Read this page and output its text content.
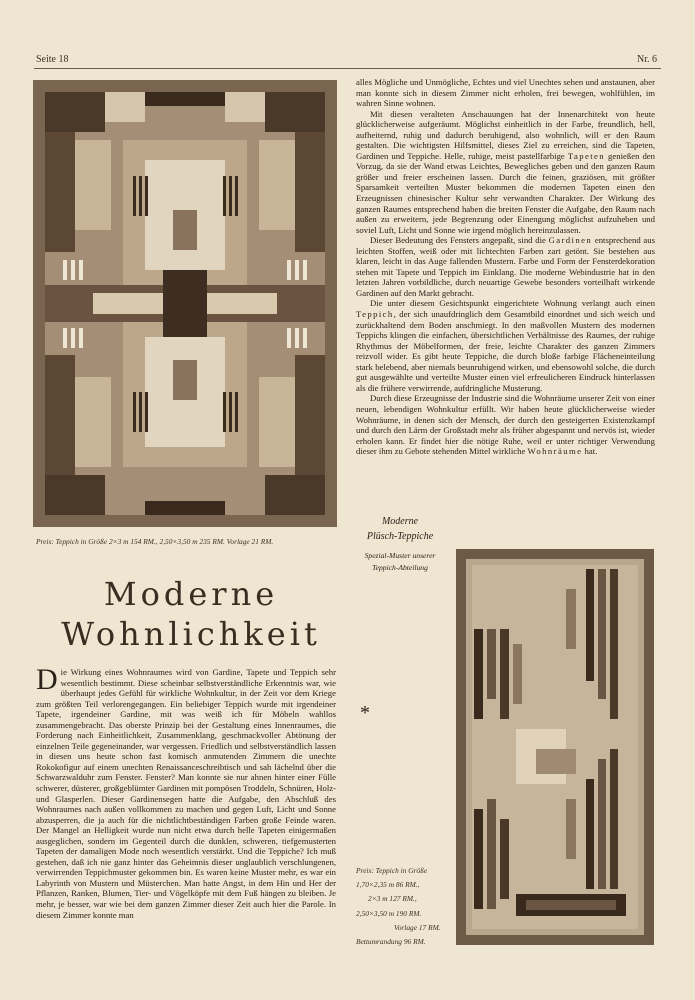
Seite 18	Nr. 6
Preis: Teppich in Größe 2×3 m 154 RM., 2,50×3,50 m 235 RM. Vorlage 21 RM.

alles Mögliche und Unmögliche, Echtes und viel Unechtes sehen und anstaunen, aber man konnte sich in diesem Zimmer nicht erholen, frei bewegen, wohlfühlen, im wahren Sinne wohnen.

Mit diesen veralteten Anschauungen hat der Innenarchitekt von heute glücklicherweise aufgeräumt. Möglichst einheitlich in der Farbe, freundlich, hell, aufheiternd, ruhig und dadurch beruhigend, also wohnlich, will er den Raum gestalten. Die wichtigsten Hilfsmittel, dieses Ziel zu erreichen, sind die Tapeten, Gardinen und Teppiche. Helle, ruhige, meist pastellfarbige Tapeten genießen den Vorzug, da sie der Wand etwas Leichtes, Bewegliches geben und den ganzen Raum größer und freier erscheinen lassen. Durch die feinen, graziösen, mit größter Sparsamkeit verteilten Muster bekommen die modernen Tapeten einen den Erzeugnissen chinesischer Kultur sehr verwandten Charakter. Der Wirkung des ganzen Raumes entsprechend haben die breiten Fenster die Aufgabe, den Raum nach außen zu erweitern, jede Begrenzung oder Einengung möglichst aufzuheben und soviel Luft, Licht und Sonne wie irgend möglich hereinzulassen.

Dieser Bedeutung des Fensters angepaßt, sind die Gardinen entsprechend aus leichten Stoffen, weiß oder mit lichtechten Farben zart getönt. Sie bestehen aus klaren, leicht in das Auge fallenden Mustern. Farbe und Form der Fensterdekoration stehen mit Tapete und Teppich im Einklang. Die moderne Webindustrie hat in den letzten Jahren vorbildliche, durch neuartige Gewebe besonders vorteilhaft wirkende Gardinen auf den Markt gebracht.

Die unter diesem Gesichtspunkt eingerichtete Wohnung verlangt auch einen Teppich, der sich unaufdringlich dem Gesamtbild einordnet und sich weich und zurückhaltend dem Boden anschmiegt. In den maßvollen Mustern des modernen Teppichs klingen die einfachen, übersichtlichen Verhältnisse des Raumes, der ruhige Rhythmus der Möbelformen, der freie, leichte Charakter des ganzen Zimmers reizvoll wider. Es gibt heute Teppiche, die durch bloße farbige Flächeneinteilung stark belebend, aber niemals beunruhigend wirken, und ebensowohl solche, die durch gut ausgewählte und verteilte Muster einen viel erfreulicheren Eindruck hinterlassen als die frühere verwirrende, aufdringliche Musterung.

Durch diese Erzeugnisse der Industrie sind die Wohnräume unserer Zeit von einer neuen, lebendigen Wohnkultur erfüllt. Wir haben heute glücklicherweise wieder Wohnräume, in denen sich der Mensch, der durch den gesteigerten Existenzkampf und durch den Lärm der Großstadt mehr als früher abgespannt und nervös ist, wieder erholen kann. Er findet hier die nötige Ruhe, weil er unter richtiger Verwendung dieser ihm zu Gebote stehenden Mittel wirkliche Wohnräume hat.

Moderne
Wohnlichkeit

Die Wirkung eines Wohnraumes wird von Gardine, Tapete und Teppich sehr wesentlich bestimmt. Diese scheinbar selbstverständliche Erkenntnis war, wie überhaupt jedes Gefühl für wirkliche Wohnkultur, in der Zeit vor dem Kriege zum größten Teil verlorengegangen. Ein beliebiger Teppich wurde mit irgendeiner Tapete, irgendeiner Gardine, mit was weiß ich für Möbeln wahllos zusammengebracht. Das oberste Prinzip bei der Gestaltung eines Innenraumes, die Forderung nach Einheitlichkeit, Zusammenklang, geschmackvoller Abtönung der einzelnen Teile gegeneinander, war vergessen. Friedlich und selbstverständlich lassen in diesen uns heute schon fast komisch anmutenden Zimmern die unechte Rokokofigur auf einem unechten Renaissanceschreibtisch und sah lächelnd über die Schwarzwalduhr zum Fenster. Fenster? Man konnte sie nur ahnen hinter einer Fülle schwerer, düsterer, großgeblümter Gardinen mit pompösen Troddeln, Schnüren, Holz- und Glasperlen. Dieser Gardinensegen hatte die Aufgabe, den Abschluß des Wohnraumes nach außen vollkommen zu machen und gegen Luft, Licht und Sonne abzusperren, die ja auch für die nichtlichtbeständigen Farben große Feinde waren. Der Mangel an Helligkeit wurde nun nicht etwa durch helle Tapeten einigermaßen ausgeglichen, sondern im Gegenteil durch die dunklen, schweren, tiefgemusterten Tapeten der damaligen Mode noch wesentlich verstärkt. Und die Teppiche? Ich muß gestehen, daß ich nie ganz hinter das Geheimnis dieser unglaublich verschlungenen, verwirrenden Teppichmuster gekommen bin. Es waren keine Muster mehr, es war ein Labyrinth von Mustern und Müsterchen. Man hatte Angst, in dem Hin und Her der Pflanzen, Ranken, Blumen, Tier- und Vögelköpfe mit dem Fuß hängen zu bleiben. Je mehr, je besser, war wie bei dem ganzen Zimmer dieser Zeit auch hier die Parole. In diesem Zimmer konnte man

Moderne
Plüsch-Teppiche
Spezial-Muster unserer
Teppich-Abteilung
*
Preis: Teppich in Größe
1,70×2,35 m 86 RM.,
2×3 m 127 RM.,
2,50×3,50 m 190 RM.
Vorlage 17 RM.
Bettumrandung 96 RM.
